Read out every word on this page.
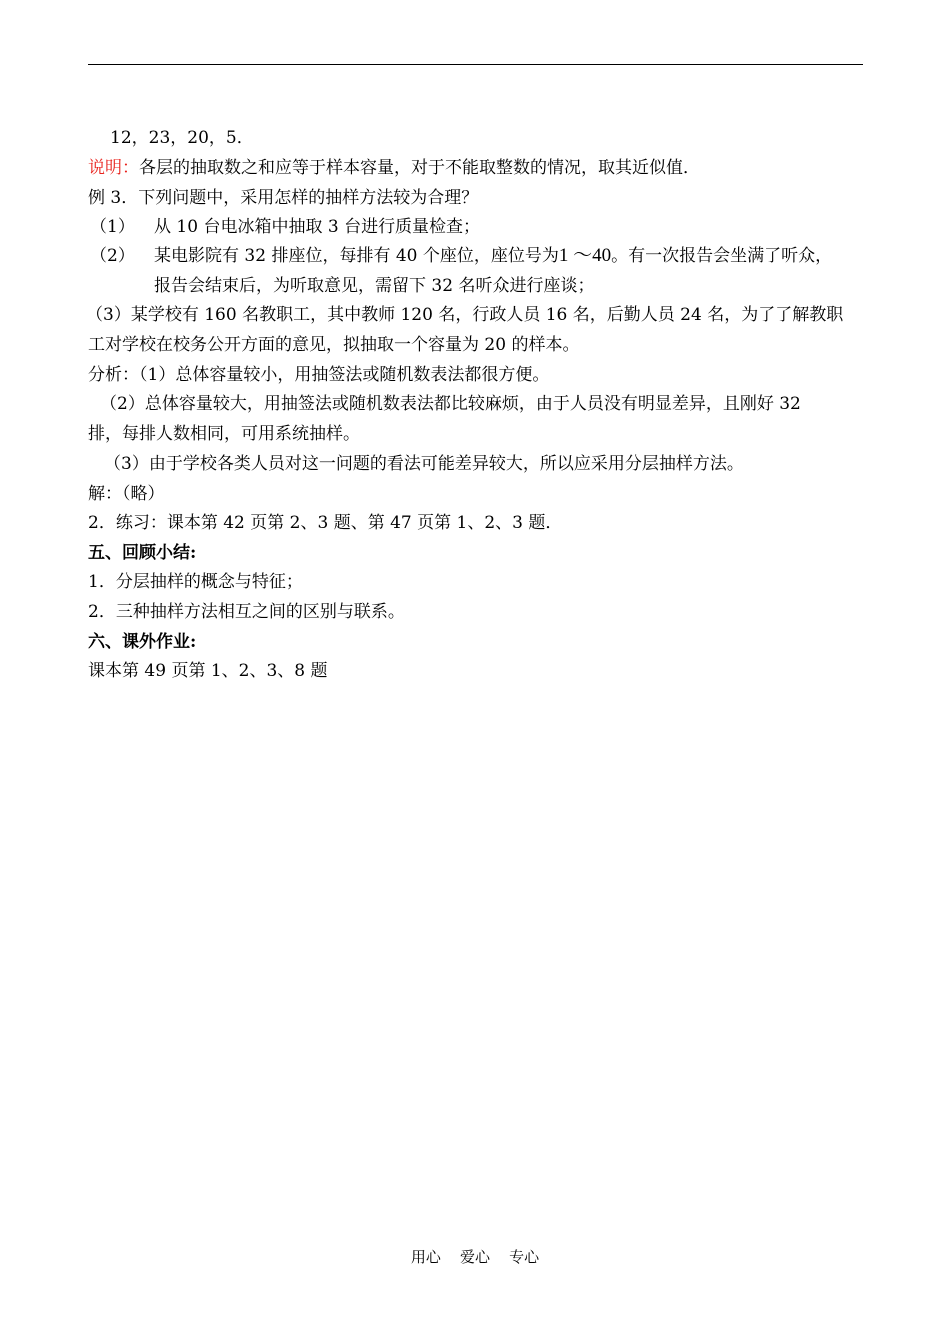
12，23，20，5．
说明：各层的抽取数之和应等于样本容量，对于不能取整数的情况，取其近似值．
例 3．下列问题中，采用怎样的抽样方法较为合理？
（1） 从 10 台电冰箱中抽取 3 台进行质量检查；
（2） 某电影院有 32 排座位，每排有 40 个座位，座位号为1 ～40。有一次报告会坐满了听众，
报告会结束后，为听取意见，需留下 32 名听众进行座谈；
（3）某学校有 160 名教职工，其中教师 120 名，行政人员 16 名，后勤人员 24 名，为了了解教职
工对学校在校务公开方面的意见，拟抽取一个容量为 20 的样本。
分析：（1）总体容量较小，用抽签法或随机数表法都很方便。
（2）总体容量较大，用抽签法或随机数表法都比较麻烦，由于人员没有明显差异，且刚好 32
排，每排人数相同，可用系统抽样。
（3）由于学校各类人员对这一问题的看法可能差异较大，所以应采用分层抽样方法。
解：（略）
2．练习：课本第 42 页第 2、3 题、第 47 页第 1、2、3 题．
五、回顾小结:
1．分层抽样的概念与特征；
2．三种抽样方法相互之间的区别与联系。
六、课外作业:
课本第 49 页第 1、2、3、8 题
用心    爱心    专心
